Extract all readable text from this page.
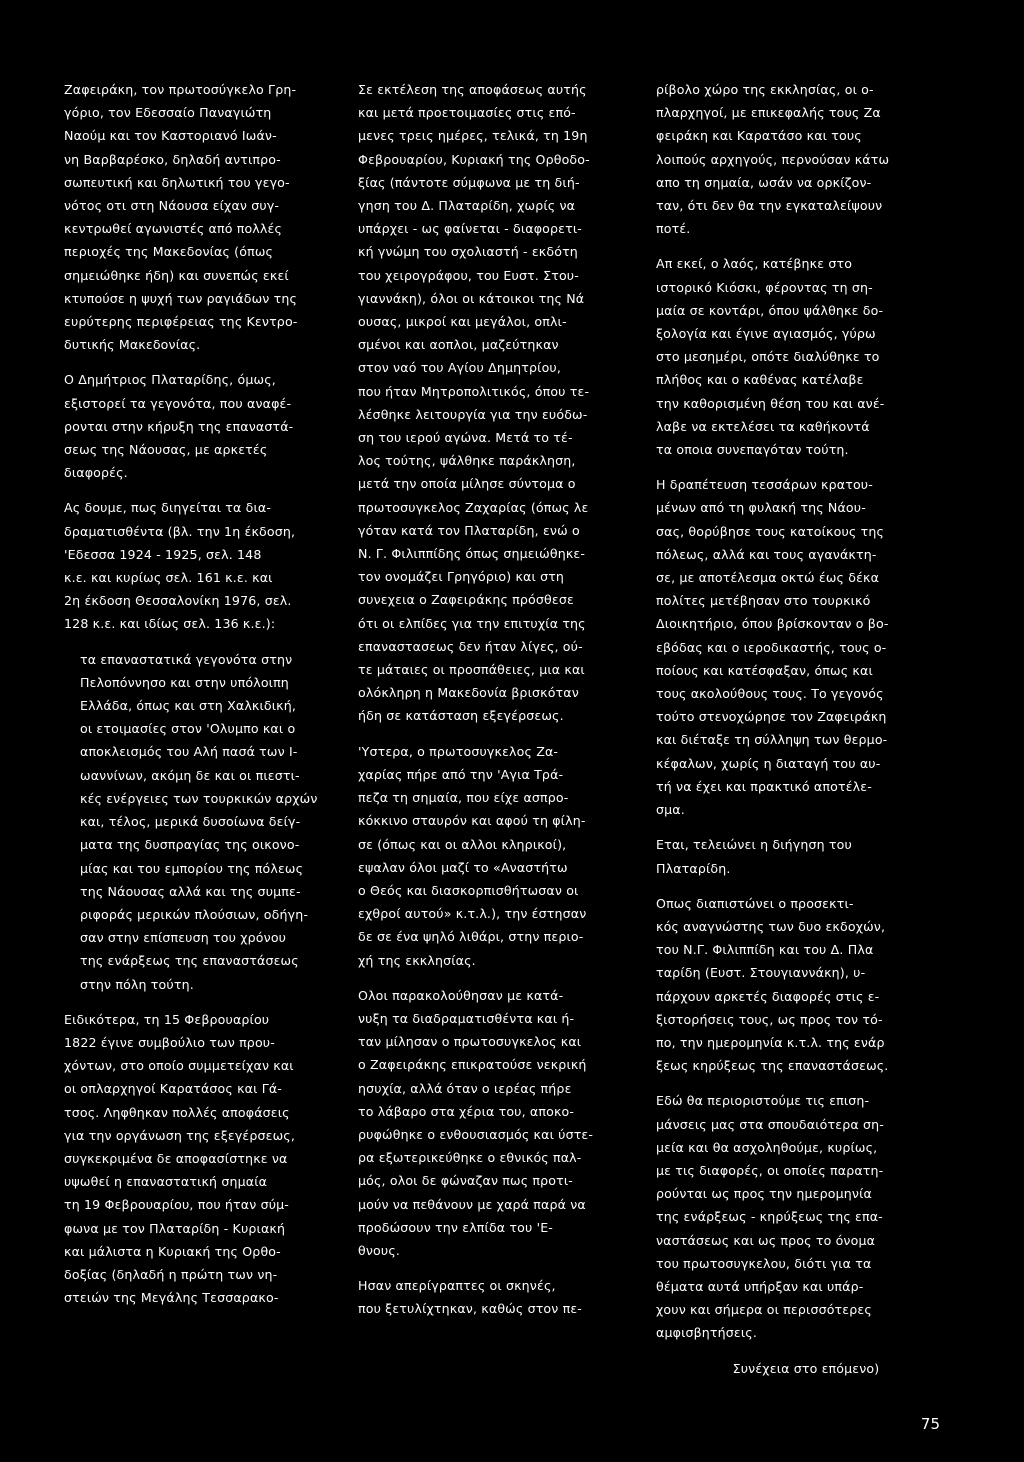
Ζαφειράκη, τον πρωτοσύγκελο Γρη-
γόριο, τον Εδεσσαίο Παναγιώτη
Ναούμ και τον Καστοριανό Ιωάν-
νη Βαρβαρέσκο, δηλαδή αντιπρο-
σωπευτική και δηλωτική του γεγο-
νότος οτι στη Νάουσα είχαν συγ-
κεντρωθεί αγωνιστές από πολλές
περιοχές της Μακεδονίας (όπως
σημειώθηκε ήδη) και συνεπώς εκεί
κτυπούσε η ψυχή των ραγιάδων της
ευρύτερης περιφέρειας της Κεντρο-
δυτικής Μακεδονίας.

Ο Δημήτριος Πλαταρίδης, όμως,
εξιστορεί τα γεγονότα, που αναφέ-
ρονται στην κήρυξη της επαναστά-
σεως της Νάουσας, με αρκετές
διαφορές.

Ας δουμε, πως διηγείται τα δια-
δραματισθέντα (βλ. την 1η έκδοση,
'Εδεσσα 1924 - 1925, σελ. 148
κ.ε. και κυρίως σελ. 161 κ.ε. και
2η έκδοση Θεσσαλονίκη 1976, σελ.
128 κ.ε. και ιδίως σελ. 136 κ.ε.):

τα επαναστατικά γεγονότα στην
Πελοπόννησο και στην υπόλοιπη
Ελλάδα, όπως και στη Χαλκιδική,
οι ετοιμασίες στον 'Ολυμπο και ο
αποκλεισμός του Αλή πασά των Ι-
ωαννίνων, ακόμη δε και οι πιεστι-
κές ενέργειες των τουρκικών αρχών
και, τέλος, μερικά δυσοίωνα δείγ-
ματα της δυσπραγίας της οικονο-
μίας και του εμπορίου της πόλεως
της Νάουσας αλλά και της συμπε-
ριφοράς μερικών πλούσιων, οδήγη-
σαν στην επίσπευση του χρόνου
της ενάρξεως της επαναστάσεως
στην πόλη τούτη.

Ειδικότερα, τη 15 Φεβρουαρίου
1822 έγινε συμβούλιο των πρου-
χόντων, στο οποίο συμμετείχαν και
οι οπλαρχηγοί Καρατάσος και Γά-
τσος. Ληφθηκαν πολλές αποφάσεις
για την οργάνωση της εξεγέρσεως,
συγκεκριμένα δε αποφασίστηκε να
υψωθεί η επαναστατική σημαία
τη 19 Φεβρουαρίου, που ήταν σύμ-
φωνα με τον Πλαταρίδη - Κυριακή
και μάλιστα η Κυριακή της Ορθο-
δοξίας (δηλαδή η πρώτη των νη-
στειών της Μεγάλης Τεσσαρακο-

Σε εκτέλεση της αποφάσεως αυτής
και μετά προετοιμασίες στις επό-
μενες τρεις ημέρες, τελικά, τη 19η
Φεβρουαρίου, Κυριακή της Ορθοδο-
ξίας (πάντοτε σύμφωνα με τη διή-
γηση του Δ. Πλαταρίδη, χωρίς να
υπάρχει - ως φαίνεται - διαφορετι-
κή γνώμη του σχολιαστή - εκδότη
του χειρογράφου, του Ευστ. Στου-
γιαννάκη), όλοι οι κάτοικοι της Νά
ουσας, μικροί και μεγάλοι, οπλι-
σμένοι και αοπλοι, μαζεύτηκαν
στον ναό του Αγίου Δημητρίου,
που ήταν Μητροπολιτικός, όπου τε-
λέσθηκε λειτουργία για την ευόδω-
ση του ιερού αγώνα. Μετά το τέ-
λος τούτης, ψάλθηκε παράκληση,
μετά την οποία μίλησε σύντομα ο
πρωτοσυγκελος Ζαχαρίας (όπως λε
γόταν κατά τον Πλαταρίδη, ενώ ο
Ν. Γ. Φιλιππίδης όπως σημειώθηκε-
τον ονομάζει Γρηγόριο) και στη
συνεχεια ο Ζαφειράκης πρόσθεσε
ότι οι ελπίδες για την επιτυχία της
επαναστασεως δεν ήταν λίγες, ού-
τε μάταιες οι προσπάθειες, μια και
ολόκληρη η Μακεδονία βρισκόταν
ήδη σε κατάσταση εξεγέρσεως.

'Υστερα, ο πρωτοσυγκελος Ζα-
χαρίας πήρε από την 'Αγια Τρά-
πεζα τη σημαία, που είχε ασπρο-
κόκκινο σταυρόν και αφού τη φίλη-
σε (όπως και οι αλλοι κληρικοί),
εψαλαν όλοι μαζί το «Αναστήτω
ο Θεός και διασκορπισθήτωσαν οι
εχθροί αυτού» κ.τ.λ.), την έστησαν
δε σε ένα ψηλό λιθάρι, στην περιο-
χή της εκκλησίας.

Ολοι παρακολούθησαν με κατά-
νυξη τα διαδραματισθέντα και ή-
ταν μίλησαν ο πρωτοσυγκελος και
ο Ζαφειράκης επικρατούσε νεκρική
ησυχία, αλλά όταν ο ιερέας πήρε
το λάβαρο στα χέρια του, αποκο-
ρυφώθηκε ο ενθουσιασμός και ύστε-
ρα εξωτερικεύθηκε ο εθνικός παλ-
μός, ολοι δε φώναζαν πως προτι-
μούν να πεθάνουν με χαρά παρά να
προδώσουν την ελπίδα του 'Ε-
θνους.

Ησαν απερίγραπτες οι σκηνές,
που ξετυλίχτηκαν, καθώς στον πε-

ρίβολο χώρο της εκκλησίας, οι ο-
πλαρχηγοί, με επικεφαλής τους Ζα
φειράκη και Καρατάσο και τους
λοιπούς αρχηγούς, περνούσαν κάτω
απο τη σημαία, ωσάν να ορκίζον-
ταν, ότι δεν θα την εγκαταλείψουν
ποτέ.

Απ εκεί, ο λαός, κατέβηκε στο
ιστορικό Κιόσκι, φέροντας τη ση-
μαία σε κοντάρι, όπου ψάλθηκε δο-
ξολογία και έγινε αγιασμός, γύρω
στο μεσημέρι, οπότε διαλύθηκε το
πλήθος και ο καθένας κατέλαβε
την καθορισμένη θέση του και ανέ-
λαβε να εκτελέσει τα καθήκοντά
τα οποια συνεπαγόταν τούτη.

Η δραπέτευση τεσσάρων κρατου-
μένων από τη φυλακή της Νάου-
σας, θορύβησε τους κατοίκους της
πόλεως, αλλά και τους αγανάκτη-
σε, με αποτέλεσμα οκτώ έως δέκα
πολίτες μετέβησαν στο τουρκικό
Διοικητήριο, όπου βρίσκονταν ο βο-
εβόδας και ο ιεροδικαστής, τους ο-
ποίους και κατέσφαξαν, όπως και
τους ακολούθους τους. Το γεγονός
τούτο στενοχώρησε τον Ζαφειράκη
και διέταξε τη σύλληψη των θερμο-
κέφαλων, χωρίς η διαταγή του αυ-
τή να έχει και πρακτικό αποτέλε-
σμα.

Εται, τελειώνει η διήγηση του
Πλαταρίδη.

Οπως διαπιστώνει ο προσεκτι-
κός αναγνώστης των δυο εκδοχών,
του Ν.Γ. Φιλιππίδη και του Δ. Πλα
ταρίδη (Ευστ. Στουγιαννάκη), υ-
πάρχουν αρκετές διαφορές στις ε-
ξιστορήσεις τους, ως προς τον τό-
πο, την ημερομηνία κ.τ.λ. της ενάρ
ξεως κηρύξεως της επαναστάσεως.

Εδώ θα περιοριστούμε τις επιση-
μάνσεις μας στα σπουδαιότερα ση-
μεία και θα ασχοληθούμε, κυρίως,
με τις διαφορές, οι οποίες παρατη-
ρούνται ως προς την ημερομηνία
της ενάρξεως - κηρύξεως της επα-
ναστάσεως και ως προς το όνομα
του πρωτοσυγκελου, διότι για τα
θέματα αυτά υπήρξαν και υπάρ-
χουν και σήμερα οι περισσότερες
αμφισβητήσεις.

Συνέχεια στο επόμενο)

75
